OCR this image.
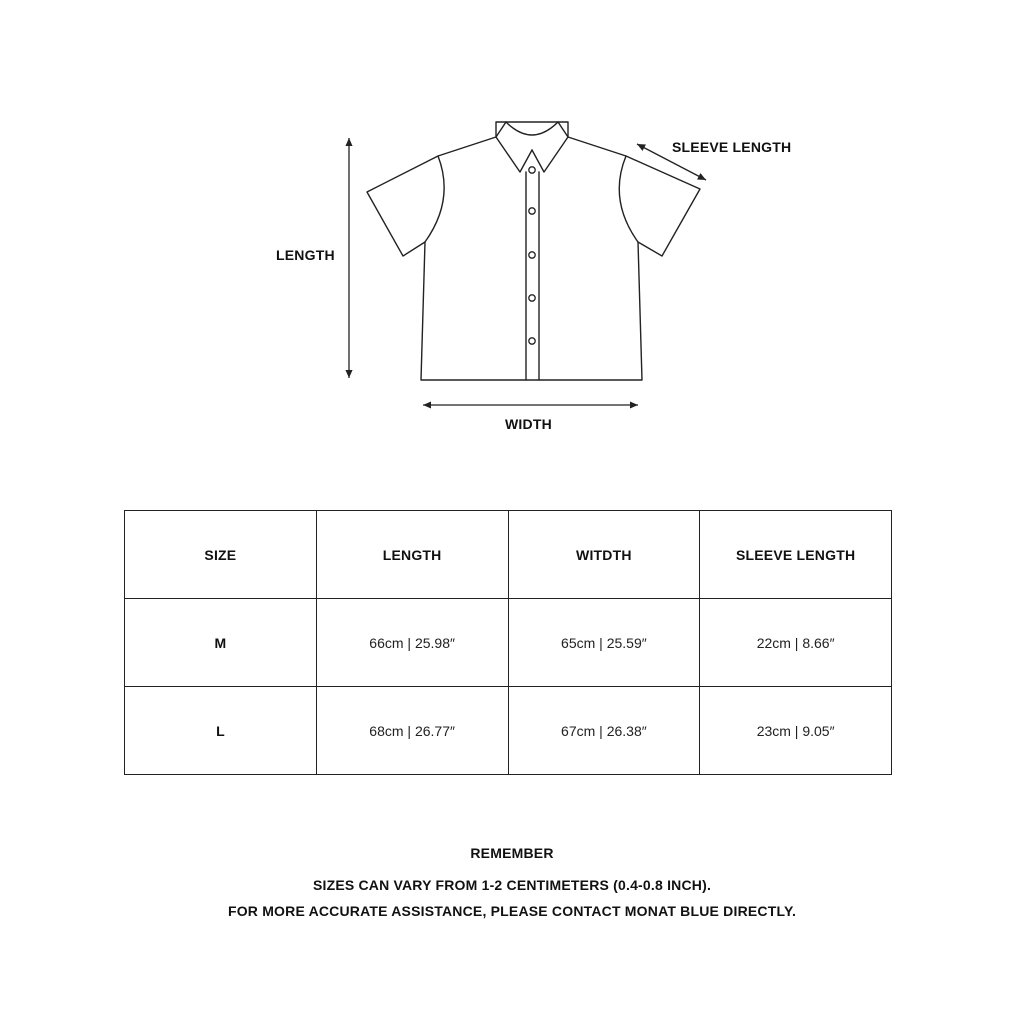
LENGTH
WIDTH
SLEEVE LENGTH
SIZE	LENGTH	WITDTH	SLEEVE LENGTH
M	66cm | 25.98″	65cm | 25.59″	22cm | 8.66″
L	68cm | 26.77″	67cm | 26.38″	23cm | 9.05″
REMEMBER
SIZES CAN VARY FROM 1-2 CENTIMETERS (0.4-0.8 INCH).
FOR MORE ACCURATE ASSISTANCE, PLEASE CONTACT MONAT BLUE DIRECTLY.
